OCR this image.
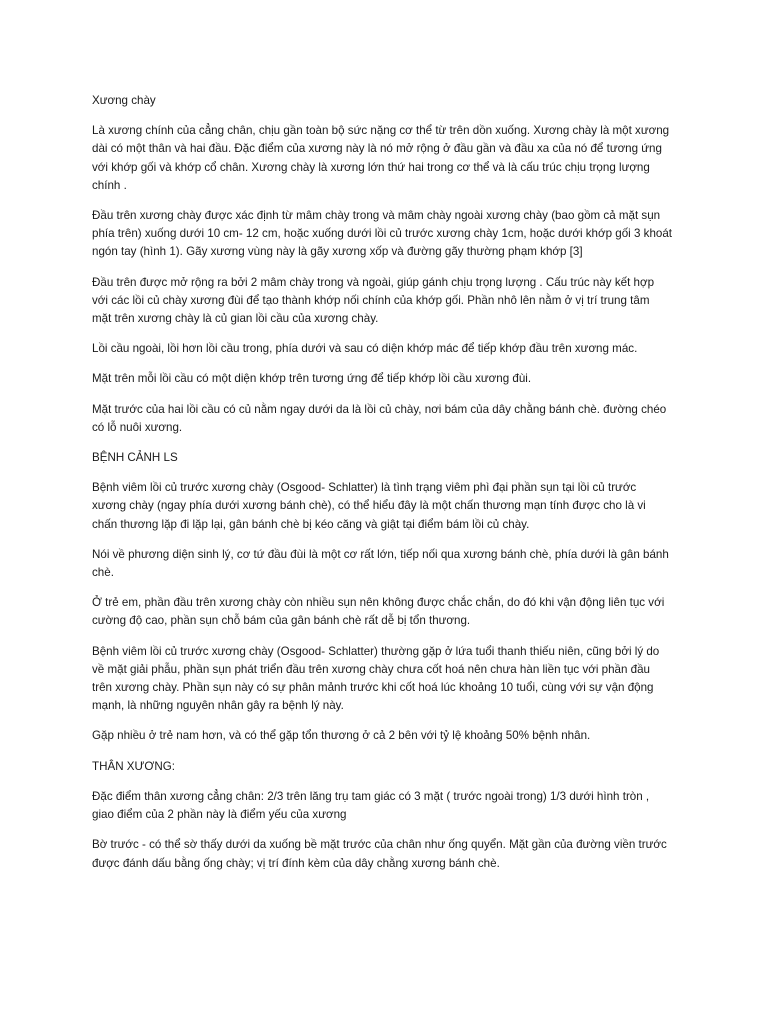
Xương chày

Là xương chính của cẳng chân, chịu gần toàn bộ sức nặng cơ thể từ trên dồn xuống. Xương chày là một xương dài có một thân và hai đầu. Đặc điểm của xương này là nó mở rộng ở đầu gần và đầu xa của nó để tương ứng với khớp gối và khớp cổ chân. Xương chày là xương lớn thứ hai trong cơ thể và là cấu trúc chịu trọng lượng chính .

Đầu trên xương chày được xác định từ mâm chày trong và mâm chày ngoài xương chày (bao gồm cả mặt sụn phía trên) xuống dưới 10 cm- 12 cm, hoặc xuống dưới lồi củ trước xương chày 1cm, hoặc dưới khớp gối 3 khoát ngón tay (hình 1). Gãy xương vùng này là gãy xương xốp và đường gãy thường phạm khớp [3]

Đầu trên được mở rộng ra bởi 2 mâm chày trong và ngoài, giúp gánh chịu trọng lượng . Cấu trúc này kết hợp với các lồi củ chày xương đùi để tạo thành khớp nối chính của khớp gối. Phần nhô lên nằm ở vị trí trung tâm mặt trên xương chày là củ gian lồi cầu của xương chày.

Lồi cầu ngoài, lồi hơn lồi cầu trong, phía dưới và sau có diện khớp mác để tiếp khớp đầu trên xương mác.

Mặt trên mỗi lồi cầu có một diện khớp trên tương ứng để tiếp khớp lồi cầu xương đùi.

Mặt trước của hai lồi cầu có củ nằm ngay dưới da là lồi củ chày, nơi bám của dây chằng bánh chè. đường chéo có lỗ nuôi xương.

BỆNH CẢNH LS

Bệnh viêm lồi củ trước xương chày (Osgood- Schlatter) là tình trạng viêm phì đại phần sụn tại lồi củ trước xương chày (ngay phía dưới xương bánh chè), có thể hiểu đây là một chấn thương mạn tính được cho là vi chấn thương lặp đi lặp lại, gân bánh chè bị kéo căng và giật tại điểm bám lồi củ chày.

Nói về phương diện sinh lý, cơ tứ đầu đùi là một cơ rất lớn, tiếp nối qua xương bánh chè, phía dưới là gân bánh chè.

Ở trẻ em, phần đầu trên xương chày còn nhiều sụn nên không được chắc chắn, do đó khi vận động liên tục với cường độ cao, phần sụn chỗ bám của gân bánh chè rất dễ bị tổn thương.

Bệnh viêm lồi củ trước xương chày (Osgood- Schlatter) thường gặp ở lứa tuổi thanh thiếu niên, cũng bởi lý do về mặt giải phẫu, phần sụn phát triển đầu trên xương chày chưa cốt hoá nên chưa hàn liền tục với phần đầu trên xương chày. Phần sụn này có sự phân mảnh trước khi cốt hoá lúc khoảng 10 tuổi, cùng với sự vận động mạnh, là những nguyên nhân gây ra bệnh lý này.

Gặp nhiều ở trẻ nam hơn, và có thể gặp tổn thương ở cả 2 bên với tỷ lệ khoảng 50% bệnh nhân.

THÂN XƯƠNG:

Đặc điểm thân xương cẳng chân: 2/3 trên lăng trụ tam giác có 3 mặt ( trước ngoài trong) 1/3 dưới hình tròn , giao điểm của 2 phần này là điểm yếu của xương

Bờ trước - có thể sờ thấy dưới da xuống bề mặt trước của chân như ống quyển. Mặt gần của đường viền trước được đánh dấu bằng ống chày; vị trí đính kèm của dây chằng xương bánh chè.
